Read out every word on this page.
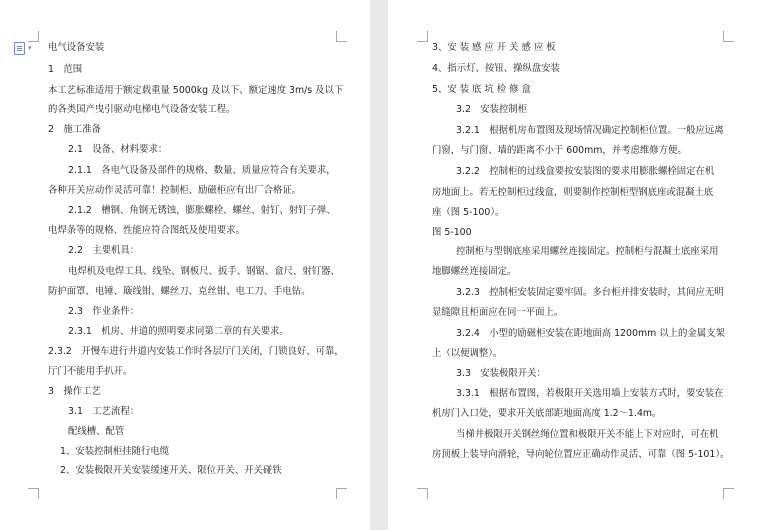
▾ 电气设备安装
1　范围
本工艺标准适用于额定载重量 5000kg 及以下、额定速度 3m/s 及以下
的各类国产曳引驱动电梯电气设备安装工程。
2　施工准备
2.1　设备、材料要求：
2.1.1　各电气设备及部件的规格、数量、质量应符合有关要求，
各种开关应动作灵活可靠！控制柜、励磁柜应有出厂合格证。
2.1.2　槽钢、角钢无锈蚀，膨胀螺栓、螺丝、射钉、射钉子弹、
电焊条等的规格、性能应符合图纸及使用要求。
2.2　主要机具：
电焊机及电焊工具、线坠、钢板尺、扳手、钢锯、盒尺、射钉器、
防护面罩、电锤、簸线钳、螺丝刀、克丝钳、电工刀、手电钻。
2.3　作业条件：
2.3.1　机房、井道的照明要求同第二章的有关要求。
2.3.2　开慢车进行井道内安装工作时各层厅门关闭，门锁良好、可靠，
厅门不能用手扒开。
3　操作工艺
3.1　工艺流程：
配线槽、配管
1、安装控制柜挂随行电缆
2、安装极限开关安装缓速开关、限位开关、开关碰铁
3、安 装 感 应 开 关 感 应 板
4、指示灯、按钮、操纵盘安装
5、安 装 底 坑 检 修 盒
3.2　安装控制柜
3.2.1　根据机房布置图及现场情况确定控制柜位置。一般应远离
门窗，与门窗、墙的距离不小于 600mm，并考虑维修方便。
3.2.2　控制柜的过线盒要按安装图的要求用膨胀螺栓固定在机
房地面上。若无控制柜过线盒，则要制作控制柜型钢底座或混凝土底
座（图 5-100）。
图 5-100
控制柜与型钢底座采用螺丝连接固定。控制柜与混凝土底座采用
地脚螺丝连接固定。
3.2.3　控制柜安装固定要牢固。多台柜并排安装时，其间应无明
显缝隙且柜面应在同一平面上。
3.2.4　小型的励磁柜安装在距地面高 1200mm 以上的金属支架
上（以便调整）。
3.3　安装极限开关：
3.3.1　根据布置图，若极限开关选用墙上安装方式时，要安装在
机房门入口处，要求开关底部距地面高度 1.2～1.4m。
当梯井极限开关钢丝绳位置和极限开关不能上下对应时，可在机
房顶板上装导向滑轮，导向轮位置应正确动作灵活、可靠（图 5-101）。
